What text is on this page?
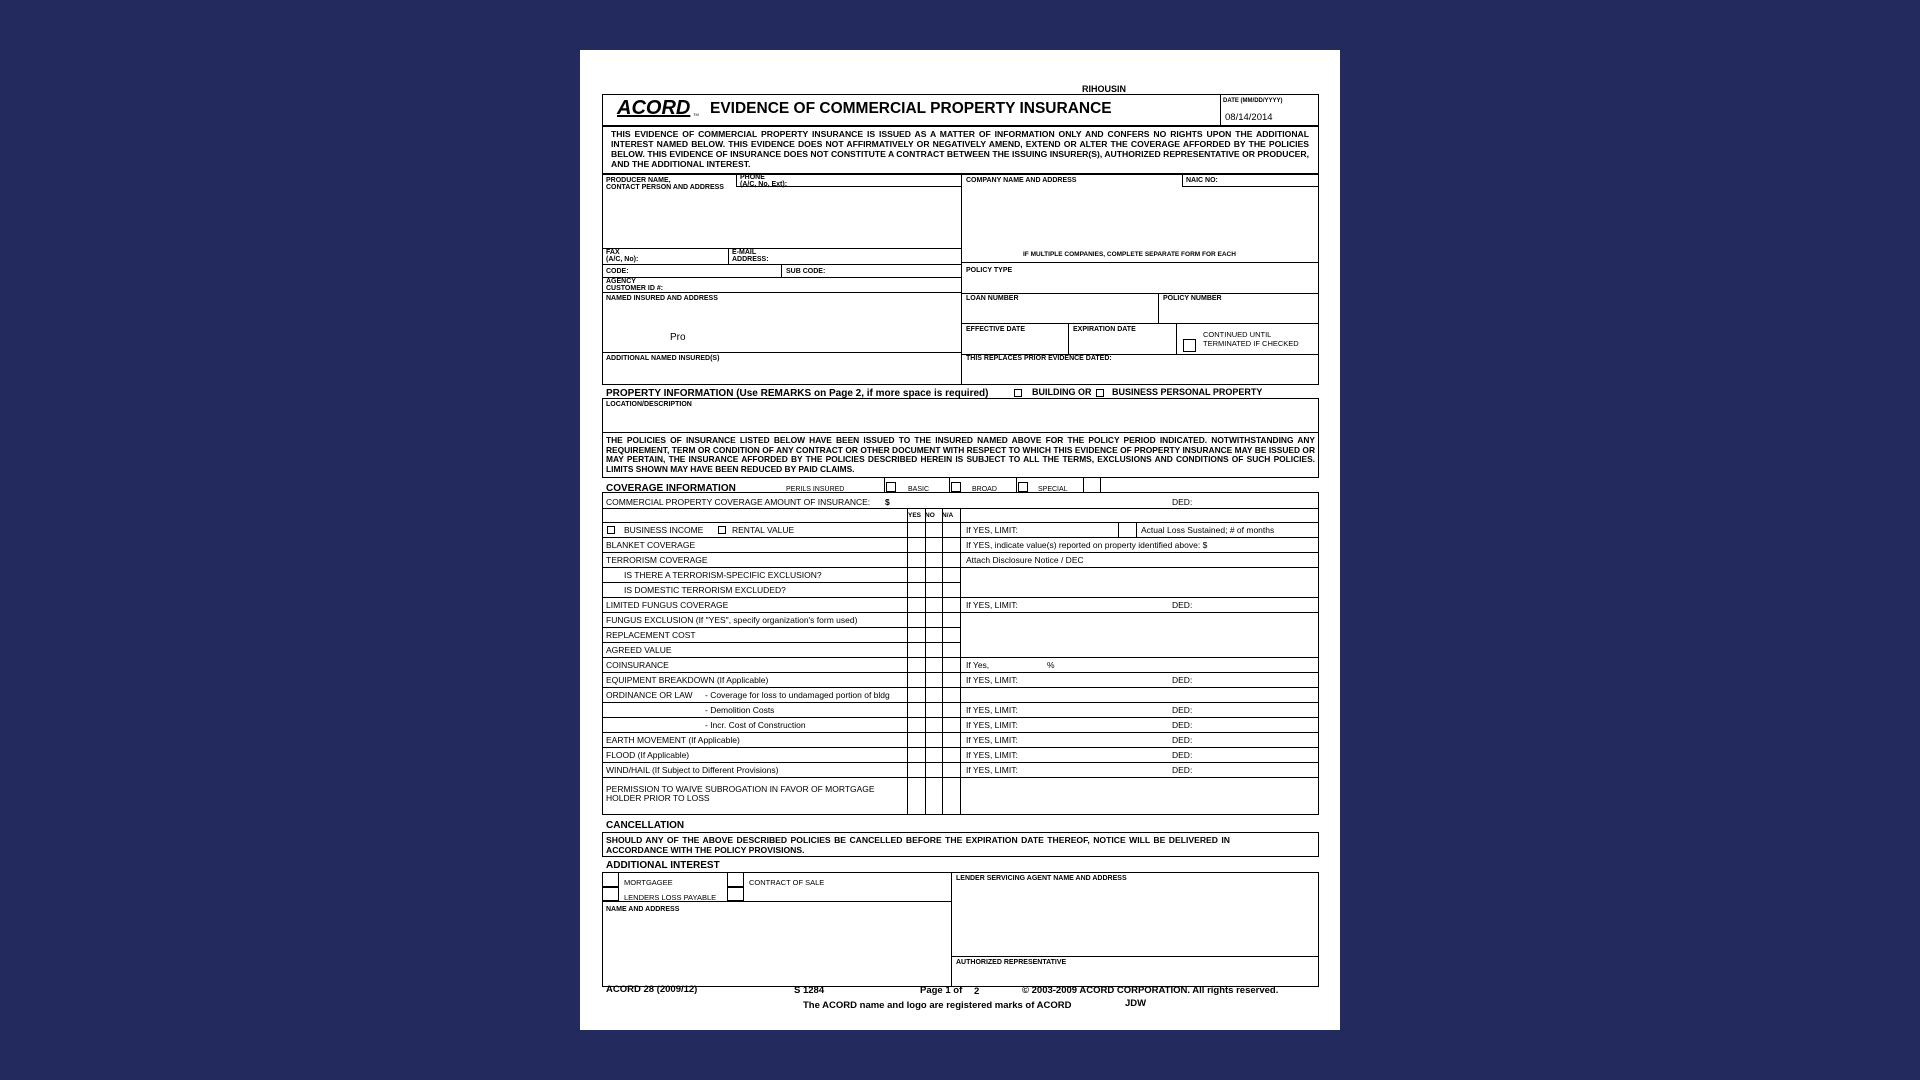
RIHOUSIN
ACORD TM EVIDENCE OF COMMERCIAL PROPERTY INSURANCE	DATE (MM/DD/YYYY)
08/14/2014
THIS EVIDENCE OF COMMERCIAL PROPERTY INSURANCE IS ISSUED AS A MATTER OF INFORMATION ONLY AND CONFERS NO RIGHTS UPON THE ADDITIONAL INTEREST NAMED BELOW. THIS EVIDENCE DOES NOT AFFIRMATIVELY OR NEGATIVELY AMEND, EXTEND OR ALTER THE COVERAGE AFFORDED BY THE POLICIES BELOW. THIS EVIDENCE OF INSURANCE DOES NOT CONSTITUTE A CONTRACT BETWEEN THE ISSUING INSURER(S), AUTHORIZED REPRESENTATIVE OR PRODUCER, AND THE ADDITIONAL INTEREST.
PRODUCER NAME,
CONTACT PERSON AND ADDRESS
PHONE
(A/C, No, Ext):
FAX
(A/C, No):
E-MAIL
ADDRESS:
CODE:	SUB CODE:
AGENCY
CUSTOMER ID #:
NAMED INSURED AND ADDRESS
Pro
ADDITIONAL NAMED INSURED(S)
COMPANY NAME AND ADDRESS	NAIC NO:
IF MULTIPLE COMPANIES, COMPLETE SEPARATE FORM FOR EACH
POLICY TYPE
LOAN NUMBER	POLICY NUMBER
EFFECTIVE DATE	EXPIRATION DATE
CONTINUED UNTIL
TERMINATED IF CHECKED
THIS REPLACES PRIOR EVIDENCE DATED:
PROPERTY INFORMATION (Use REMARKS on Page 2, if more space is required)	BUILDING OR BUSINESS PERSONAL PROPERTY
LOCATION/DESCRIPTION
THE POLICIES OF INSURANCE LISTED BELOW HAVE BEEN ISSUED TO THE INSURED NAMED ABOVE FOR THE POLICY PERIOD INDICATED. NOTWITHSTANDING ANY REQUIREMENT, TERM OR CONDITION OF ANY CONTRACT OR OTHER DOCUMENT WITH RESPECT TO WHICH THIS EVIDENCE OF PROPERTY INSURANCE MAY BE ISSUED OR MAY PERTAIN, THE INSURANCE AFFORDED BY THE POLICIES DESCRIBED HEREIN IS SUBJECT TO ALL THE TERMS, EXCLUSIONS AND CONDITIONS OF SUCH POLICIES. LIMITS SHOWN MAY HAVE BEEN REDUCED BY PAID CLAIMS.
COVERAGE INFORMATION	PERILS INSURED	BASIC	BROAD	SPECIAL
COMMERCIAL PROPERTY COVERAGE AMOUNT OF INSURANCE: $	DED:
YES NO N/A
BUSINESS INCOME	RENTAL VALUE	If YES, LIMIT:	Actual Loss Sustained; # of months
BLANKET COVERAGE	If YES, indicate value(s) reported on property identified above: $
TERRORISM COVERAGE	Attach Disclosure Notice / DEC
IS THERE A TERRORISM-SPECIFIC EXCLUSION?
IS DOMESTIC TERRORISM EXCLUDED?
LIMITED FUNGUS COVERAGE	If YES, LIMIT:	DED:
FUNGUS EXCLUSION (If "YES", specify organization's form used)
REPLACEMENT COST
AGREED VALUE
COINSURANCE	If Yes,	%
EQUIPMENT BREAKDOWN (If Applicable)	If YES, LIMIT:	DED:
ORDINANCE OR LAW - Coverage for loss to undamaged portion of bldg
- Demolition Costs	If YES, LIMIT:	DED:
- Incr. Cost of Construction	If YES, LIMIT:	DED:
EARTH MOVEMENT (If Applicable)	If YES, LIMIT:	DED:
FLOOD (If Applicable)	If YES, LIMIT:	DED:
WIND/HAIL (If Subject to Different Provisions)	If YES, LIMIT:	DED:
PERMISSION TO WAIVE SUBROGATION IN FAVOR OF MORTGAGE
HOLDER PRIOR TO LOSS
CANCELLATION
SHOULD ANY OF THE ABOVE DESCRIBED POLICIES BE CANCELLED BEFORE THE EXPIRATION DATE THEREOF, NOTICE WILL BE DELIVERED IN ACCORDANCE WITH THE POLICY PROVISIONS.
ADDITIONAL INTEREST
MORTGAGEE	CONTRACT OF SALE
LENDERS LOSS PAYABLE
NAME AND ADDRESS
LENDER SERVICING AGENT NAME AND ADDRESS
AUTHORIZED REPRESENTATIVE
ACORD 28 (2009/12)	S 1284	Page 1 of 2	© 2003-2009 ACORD CORPORATION. All rights reserved.
The ACORD name and logo are registered marks of ACORD	JDW
